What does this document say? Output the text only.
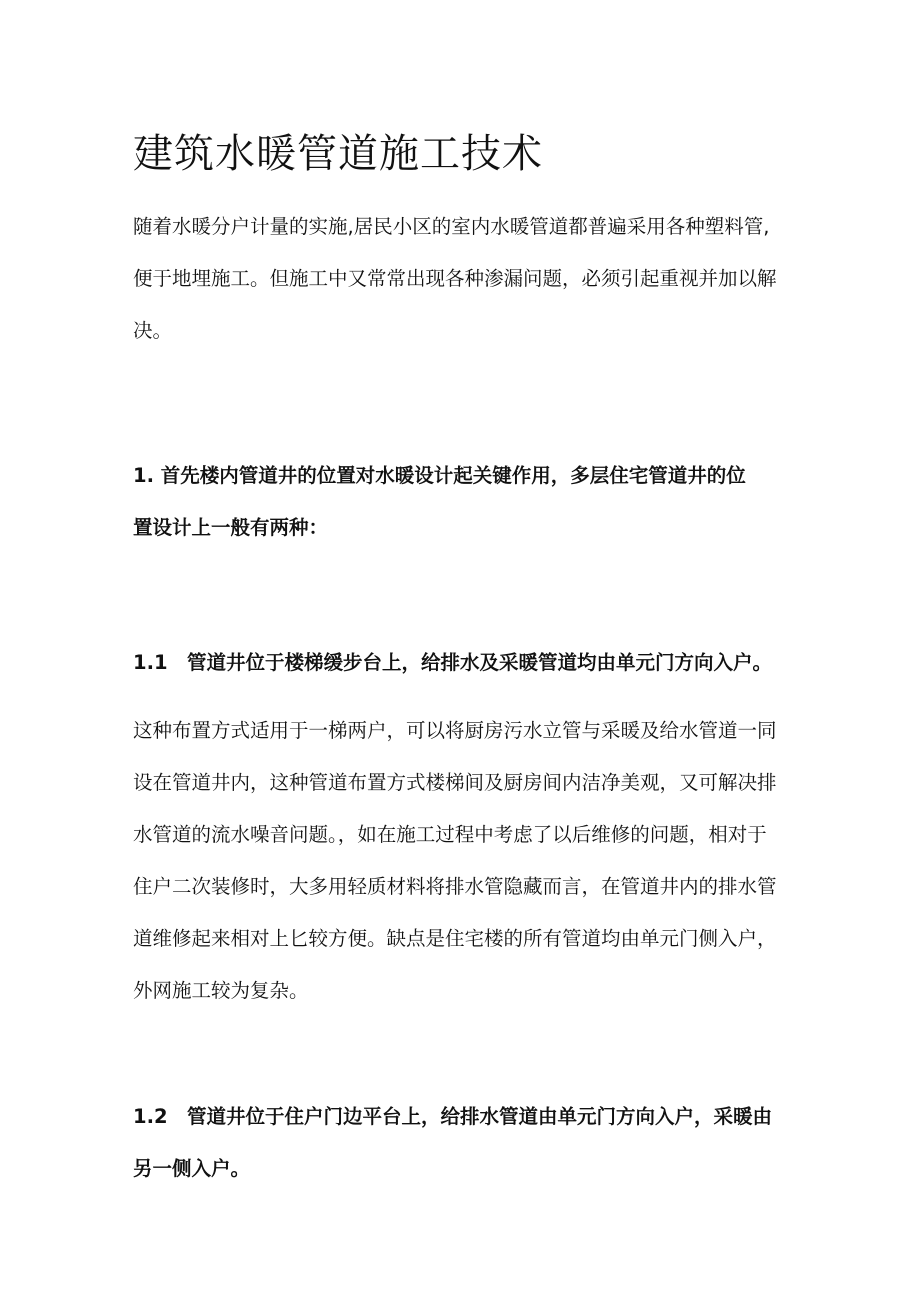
建筑水暖管道施工技术
随着水暖分户计量的实施,居民小区的室内水暖管道都普遍采用各种塑料管,
便于地埋施工。但施工中又常常出现各种渗漏问题，必须引起重视并加以解
决。
1. 首先楼内管道井的位置对水暖设计起关键作用，多层住宅管道井的位
置设计上一般有两种：
1.1　管道井位于楼梯缓步台上，给排水及采暖管道均由单元门方向入户。
这种布置方式适用于一梯两户，可以将厨房污水立管与采暖及给水管道一同
设在管道井内，这种管道布置方式楼梯间及厨房间内洁净美观，又可解决排
水管道的流水噪音问题。，如在施工过程中考虑了以后维修的问题，相对于
住户二次装修时，大多用轻质材料将排水管隐藏而言，在管道井内的排水管
道维修起来相对上匕较方便。缺点是住宅楼的所有管道均由单元门侧入户，
外网施工较为复杂。
1.2　管道井位于住户门边平台上，给排水管道由单元门方向入户，采暖由
另一侧入户。
